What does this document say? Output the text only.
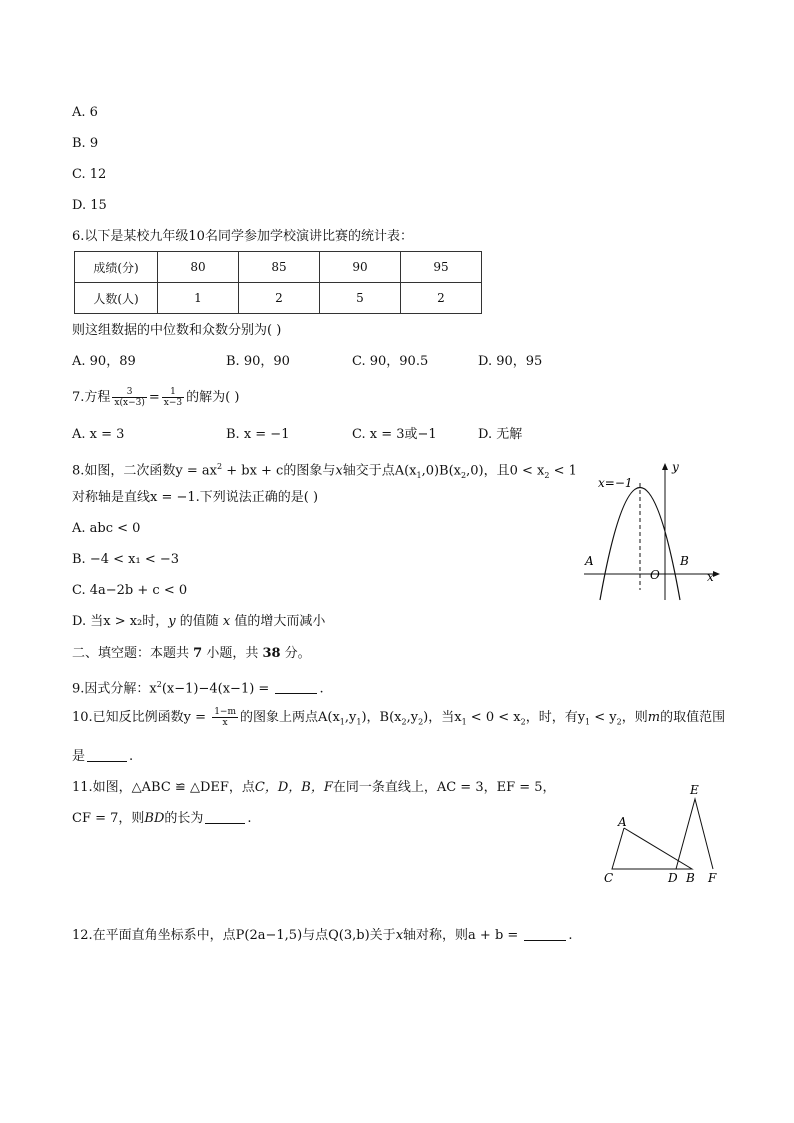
A. 6
B. 9
C. 12
D. 15
6.以下是某校九年级10名同学参加学校演讲比赛的统计表：
成绩(分)	80	85	90	95
人数(人)	1	2	5	2
则这组数据的中位数和众数分别为( )
A. 90，89	B. 90，90	C. 90，90.5	D. 90，95
7.方程 $\frac{3}{x(x-3)} = \frac{1}{x-3}$ 的解为( )
A. x = 3	B. x = −1	C. x = 3或−1	D. 无解
8.如图，二次函数$y = ax^2$ + bx + c的图象与x轴交于点$A(x_1,0)B(x_2,0)$，且$0 < x_2 < 1$
对称轴是直线x = −1.下列说法正确的是( )
A. abc < 0
B. −4 < x₁ < −3
C. 4a−2b + c < 0
D. 当x > x₂时，y 的值随 x 值的增大而减小
x=−1
y
x
A	B
O
二、填空题：本题共 7 小题，共 38 分。
9.因式分解：$x^2(x-1)-4(x-1)$ =	.
10.已知反比例函数$y = \frac{1-m}{x}$ 的图象上两点$A(x_1,y_1)$，$B(x_2,y_2)$，当$x_1 < 0 < x_2$，时，有$y_1 < y_2$，则m的取值范围
是	.
11.如图，△ABC ≌ △DEF，点C，D，B，F在同一条直线上，AC = 3，EF = 5，
CF = 7，则BD的长为	.	A
C	D B
E
F
12.在平面直角坐标系中，点P(2a−1,5)与点Q(3,b)关于x轴对称，则a + b =	.
